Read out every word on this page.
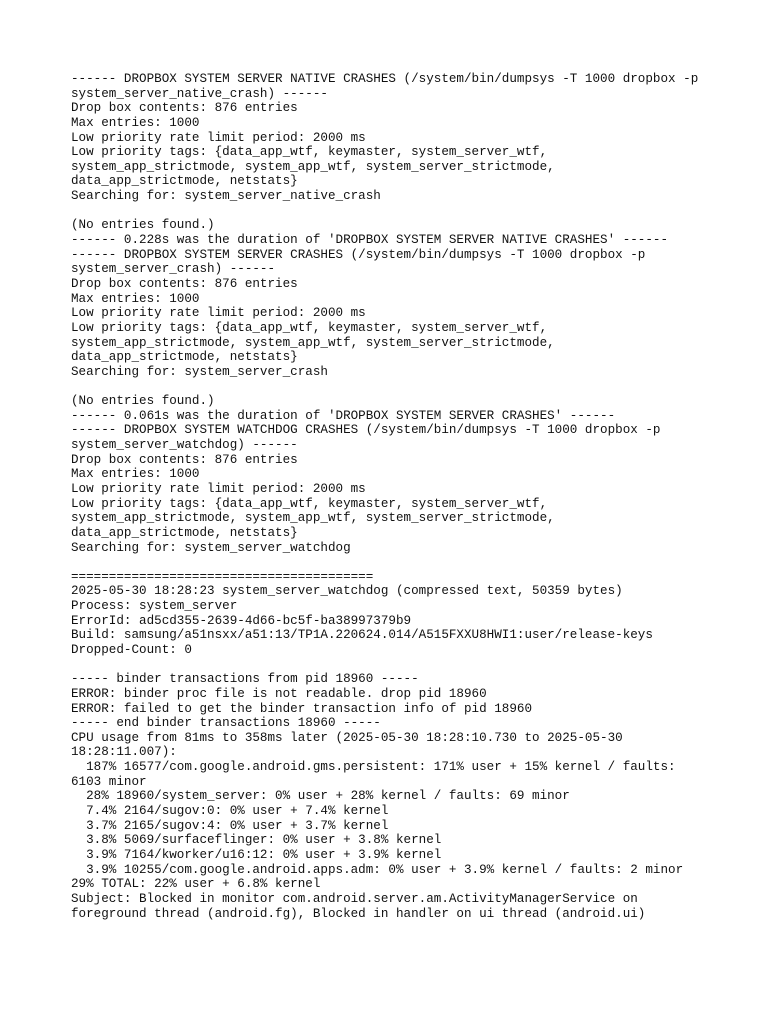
------ DROPBOX SYSTEM SERVER NATIVE CRASHES (/system/bin/dumpsys -T 1000 dropbox -p
system_server_native_crash) ------
Drop box contents: 876 entries
Max entries: 1000
Low priority rate limit period: 2000 ms
Low priority tags: {data_app_wtf, keymaster, system_server_wtf,
system_app_strictmode, system_app_wtf, system_server_strictmode,
data_app_strictmode, netstats}
Searching for: system_server_native_crash
(No entries found.)
------ 0.228s was the duration of 'DROPBOX SYSTEM SERVER NATIVE CRASHES' ------
------ DROPBOX SYSTEM SERVER CRASHES (/system/bin/dumpsys -T 1000 dropbox -p
system_server_crash) ------
Drop box contents: 876 entries
Max entries: 1000
Low priority rate limit period: 2000 ms
Low priority tags: {data_app_wtf, keymaster, system_server_wtf,
system_app_strictmode, system_app_wtf, system_server_strictmode,
data_app_strictmode, netstats}
Searching for: system_server_crash
(No entries found.)
------ 0.061s was the duration of 'DROPBOX SYSTEM SERVER CRASHES' ------
------ DROPBOX SYSTEM WATCHDOG CRASHES (/system/bin/dumpsys -T 1000 dropbox -p
system_server_watchdog) ------
Drop box contents: 876 entries
Max entries: 1000
Low priority rate limit period: 2000 ms
Low priority tags: {data_app_wtf, keymaster, system_server_wtf,
system_app_strictmode, system_app_wtf, system_server_strictmode,
data_app_strictmode, netstats}
Searching for: system_server_watchdog
========================================
2025-05-30 18:28:23 system_server_watchdog (compressed text, 50359 bytes)
Process: system_server
ErrorId: ad5cd355-2639-4d66-bc5f-ba38997379b9
Build: samsung/a51nsxx/a51:13/TP1A.220624.014/A515FXXU8HWI1:user/release-keys
Dropped-Count: 0
----- binder transactions from pid 18960 -----
ERROR: binder proc file is not readable. drop pid 18960
ERROR: failed to get the binder transaction info of pid 18960
----- end binder transactions 18960 -----
CPU usage from 81ms to 358ms later (2025-05-30 18:28:10.730 to 2025-05-30
18:28:11.007):
187% 16577/com.google.android.gms.persistent: 171% user + 15% kernel / faults:
6103 minor
28% 18960/system_server: 0% user + 28% kernel / faults: 69 minor
7.4% 2164/sugov:0: 0% user + 7.4% kernel
3.7% 2165/sugov:4: 0% user + 3.7% kernel
3.8% 5069/surfaceflinger: 0% user + 3.8% kernel
3.9% 7164/kworker/u16:12: 0% user + 3.9% kernel
3.9% 10255/com.google.android.apps.adm: 0% user + 3.9% kernel / faults: 2 minor
29% TOTAL: 22% user + 6.8% kernel
Subject: Blocked in monitor com.android.server.am.ActivityManagerService on
foreground thread (android.fg), Blocked in handler on ui thread (android.ui)
